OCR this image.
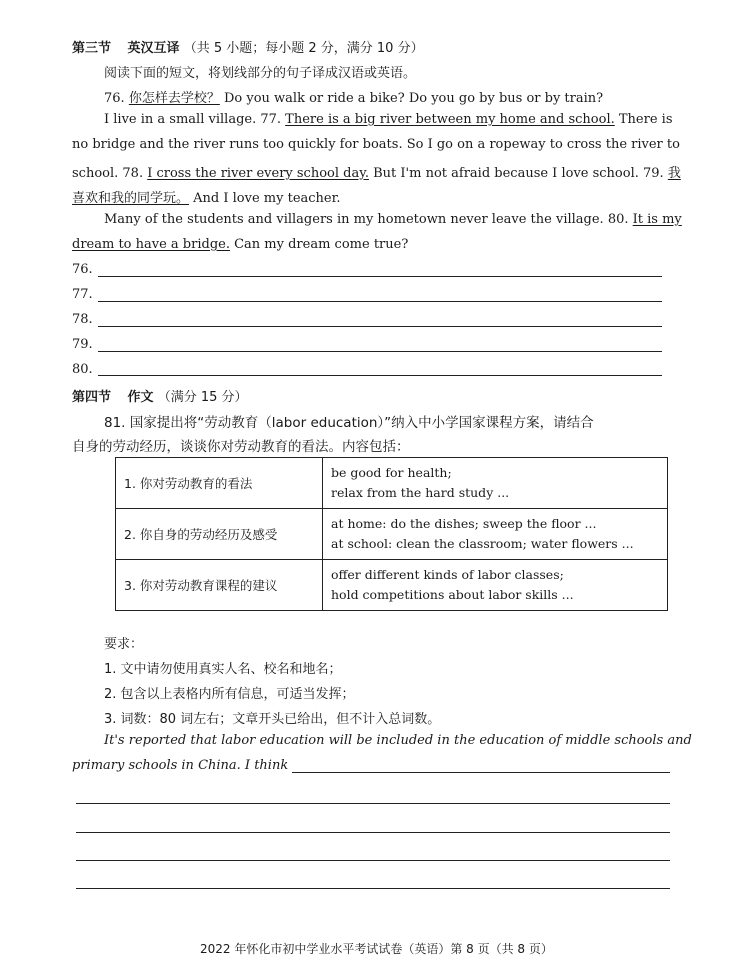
第三节 英汉互译 （共 5 小题；每小题 2 分，满分 10 分）
阅读下面的短文，将划线部分的句子译成汉语或英语。
76. 你怎样去学校？ Do you walk or ride a bike? Do you go by bus or by train?
I live in a small village. 77. There is a big river between my home and school. There is
no bridge and the river runs too quickly for boats. So I go on a ropeway to cross the river to
school. 78. I cross the river every school day. But I'm not afraid because I love school. 79. 我
喜欢和我的同学玩。 And I love my teacher.
Many of the students and villagers in my hometown never leave the village. 80. It is my
dream to have a bridge. Can my dream come true?
76.
77.
78.
79.
80.
第四节 作文 （满分 15 分）
81. 国家提出将“劳动教育（labor education）”纳入中小学国家课程方案，请结合
自身的劳动经历，谈谈你对劳动教育的看法。内容包括：
1. 你对劳动教育的看法	be good for health;
relax from the hard study ...

2. 你自身的劳动经历及感受	at home: do the dishes; sweep the floor ...
at school: clean the classroom; water flowers ...

3. 你对劳动教育课程的建议	offer different kinds of labor classes;
hold competitions about labor skills ...
要求：
1. 文中请勿使用真实人名、校名和地名；
2. 包含以上表格内所有信息，可适当发挥；
3. 词数：80 词左右；文章开头已给出，但不计入总词数。
It's reported that labor education will be included in the education of middle schools and
primary schools in China. I think
2022 年怀化市初中学业水平考试试卷（英语）第 8 页（共 8 页）
